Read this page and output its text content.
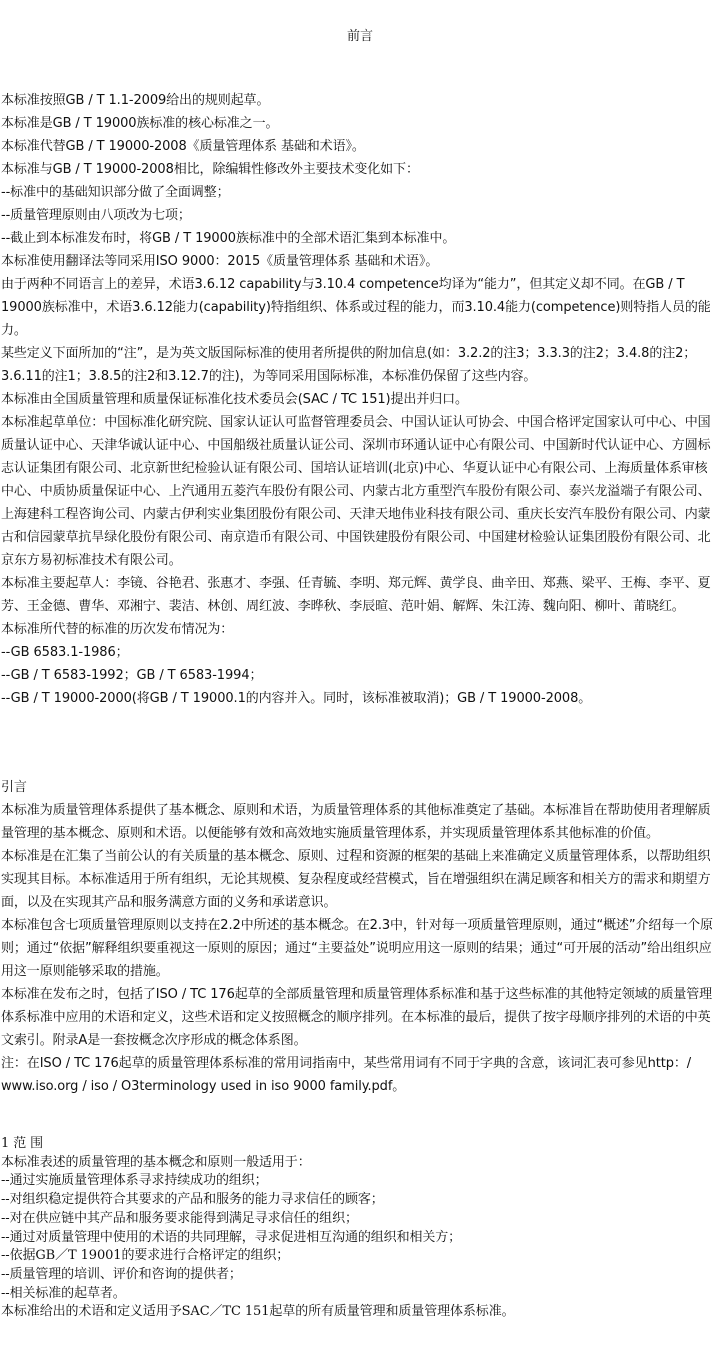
前言

本标准按照GB / T 1.1-2009给出的规则起草。

本标准是GB / T 19000族标准的核心标准之一。

本标准代替GB / T 19000-2008《质量管理体系 基础和术语》。

本标准与GB / T 19000-2008相比，除编辑性修改外主要技术变化如下：

--标准中的基础知识部分做了全面调整；

--质量管理原则由八项改为七项；

--截止到本标准发布时，将GB / T 19000族标准中的全部术语汇集到本标准中。

本标准使用翻译法等同采用ISO 9000：2015《质量管理体系 基础和术语》。

由于两种不同语言上的差异，术语3.6.12 capability与3.10.4 competence均译为“能力”，但其定义却不同。在GB / T 19000族标准中，术语3.6.12能力(capability)特指组织、体系或过程的能力，而3.10.4能力(competence)则特指人员的能力。

某些定义下面所加的“注”，是为英文版国际标准的使用者所提供的附加信息(如：3.2.2的注3；3.3.3的注2；3.4.8的注2；3.6.11的注1；3.8.5的注2和3.12.7的注)，为等同采用国际标准，本标准仍保留了这些内容。

本标准由全国质量管理和质量保证标准化技术委员会(SAC / TC 151)提出并归口。

本标准起草单位：中国标准化研究院、国家认证认可监督管理委员会、中国认证认可协会、中国合格评定国家认可中心、中国质量认证中心、天津华诚认证中心、中国船级社质量认证公司、深圳市环通认证中心有限公司、中国新时代认证中心、方圆标志认证集团有限公司、北京新世纪检验认证有限公司、国培认证培训(北京)中心、华夏认证中心有限公司、上海质量体系审核中心、中质协质量保证中心、上汽通用五菱汽车股份有限公司、内蒙古北方重型汽车股份有限公司、泰兴龙溢端子有限公司、上海建科工程咨询公司、内蒙古伊利实业集团股份有限公司、天津天地伟业科技有限公司、重庆长安汽车股份有限公司、内蒙古和信园蒙草抗旱绿化股份有限公司、南京造币有限公司、中国铁建股份有限公司、中国建材检验认证集团股份有限公司、北京东方易初标准技术有限公司。

本标准主要起草人：李镜、谷艳君、张惠才、李强、任青毓、李明、郑元辉、黄学良、曲辛田、郑燕、梁平、王梅、李平、夏芳、王金德、曹华、邓湘宁、裴洁、林创、周红波、李晔秋、李辰暄、范叶娟、解辉、朱江涛、魏向阳、柳叶、莆晓红。

本标准所代替的标准的历次发布情况为：

--GB 6583.1-1986；

--GB / T 6583-1992；GB / T 6583-1994；

--GB / T 19000-2000(将GB / T 19000.1的内容并入。同时，该标准被取消)；GB / T 19000-2008。

引言

本标准为质量管理体系提供了基本概念、原则和术语，为质量管理体系的其他标准奠定了基础。本标准旨在帮助使用者理解质量管理的基本概念、原则和术语。以便能够有效和高效地实施质量管理体系，并实现质量管理体系其他标准的价值。

本标准是在汇集了当前公认的有关质量的基本概念、原则、过程和资源的框架的基础上来准确定义质量管理体系，以帮助组织实现其目标。本标准适用于所有组织，无论其规模、复杂程度或经营模式，旨在增强组织在满足顾客和相关方的需求和期望方面，以及在实现其产品和服务满意方面的义务和承诺意识。

本标准包含七项质量管理原则以支持在2.2中所述的基本概念。在2.3中，针对每一项质量管理原则，通过“概述”介绍每一个原则；通过“依据”解释组织要重视这一原则的原因；通过“主要益处”说明应用这一原则的结果；通过“可开展的活动”给出组织应用这一原则能够采取的措施。

本标准在发布之时，包括了ISO / TC 176起草的全部质量管理和质量管理体系标准和基于这些标准的其他特定领域的质量管理体系标准中应用的术语和定义，这些术语和定义按照概念的顺序排列。在本标准的最后，提供了按字母顺序排列的术语的中英文索引。附录A是一套按概念次序形成的概念体系图。

注：在ISO / TC 176起草的质量管理体系标准的常用词指南中，某些常用词有不同于字典的含意，该词汇表可参见http：/ www.iso.org / iso / O3terminology used in iso 9000 family.pdf。

1 范 围

本标准表述的质量管理的基本概念和原则一般适用于：

--通过实施质量管理体系寻求持续成功的组织；

--对组织稳定提供符合其要求的产品和服务的能力寻求信任的顾客；

--对在供应链中其产品和服务要求能得到满足寻求信任的组织；

--通过对质量管理中使用的术语的共同理解，寻求促进相互沟通的组织和相关方；

--依据GB／T 19001的要求进行合格评定的组织；

--质量管理的培训、评价和咨询的提供者；

--相关标准的起草者。

本标准给出的术语和定义适用予SAC／TC 151起草的所有质量管理和质量管理体系标准。
